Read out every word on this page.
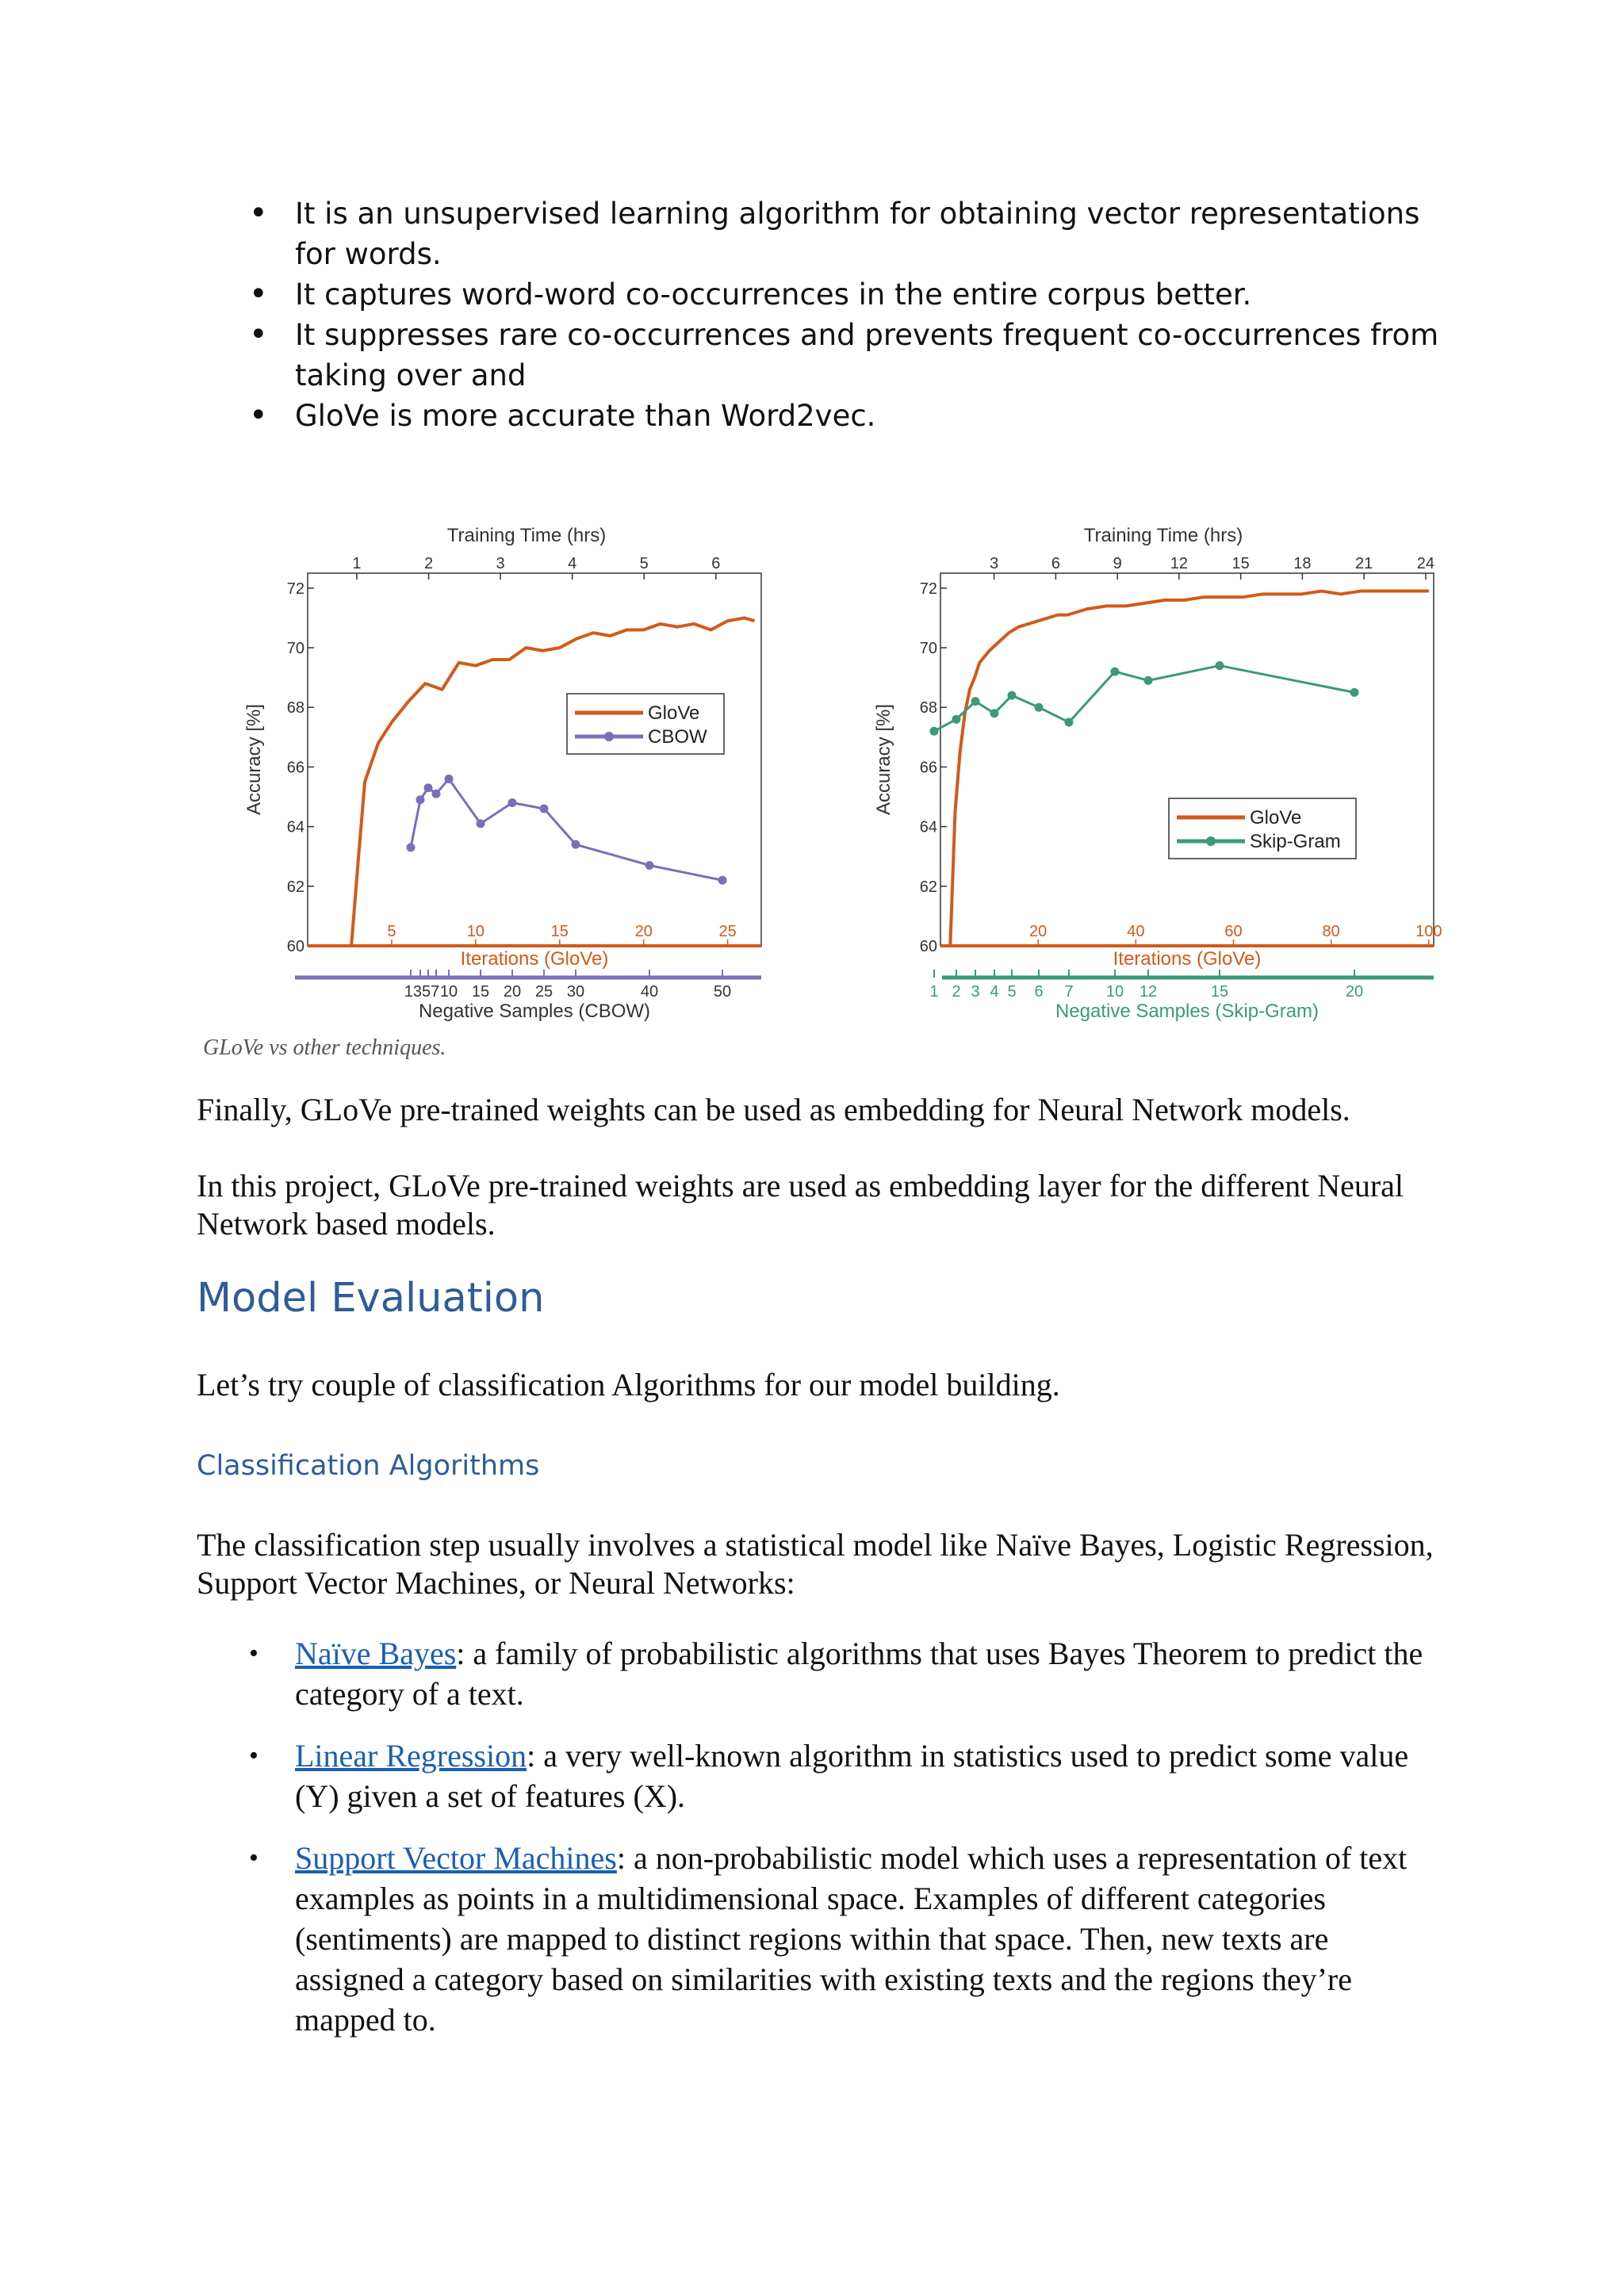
• It is an unsupervised learning algorithm for obtaining vector representations for words.
• It captures word-word co-occurrences in the entire corpus better.
• It suppresses rare co-occurrences and prevents frequent co-occurrences from taking over and
• GloVe is more accurate than Word2vec.
Training Time (hrs)
1	2	3	4	5	6
60
62
64
66
68
70
72
Accuracy [%]
5	10	15	20	25
Iterations (GloVe)
1357 10 15 20 25 30	40	50
Negative Samples (CBOW)
GloVe
CBOW
Training Time (hrs)
3	6	9	12	15	18	21	24
60
62
64
66
68
70
72
Accuracy [%]
20	40	60	80	100
Iterations (GloVe)
1 2 3 4 5 6 7 10 12	15	20
Negative Samples (Skip-Gram)
GloVe
Skip-Gram
GLoVe vs other techniques.

Finally, GLoVe pre-trained weights can be used as embedding for Neural Network models.

In this project, GLoVe pre-trained weights are used as embedding layer for the different Neural Network based models.

Model Evaluation

Let’s try couple of classification Algorithms for our model building.

Classification Algorithms

The classification step usually involves a statistical model like Naïve Bayes, Logistic Regression, Support Vector Machines, or Neural Networks:

• Naïve Bayes: a family of probabilistic algorithms that uses Bayes Theorem to predict the category of a text.
• Linear Regression: a very well-known algorithm in statistics used to predict some value (Y) given a set of features (X).
• Support Vector Machines: a non-probabilistic model which uses a representation of text examples as points in a multidimensional space. Examples of different categories (sentiments) are mapped to distinct regions within that space. Then, new texts are assigned a category based on similarities with existing texts and the regions they’re mapped to.
